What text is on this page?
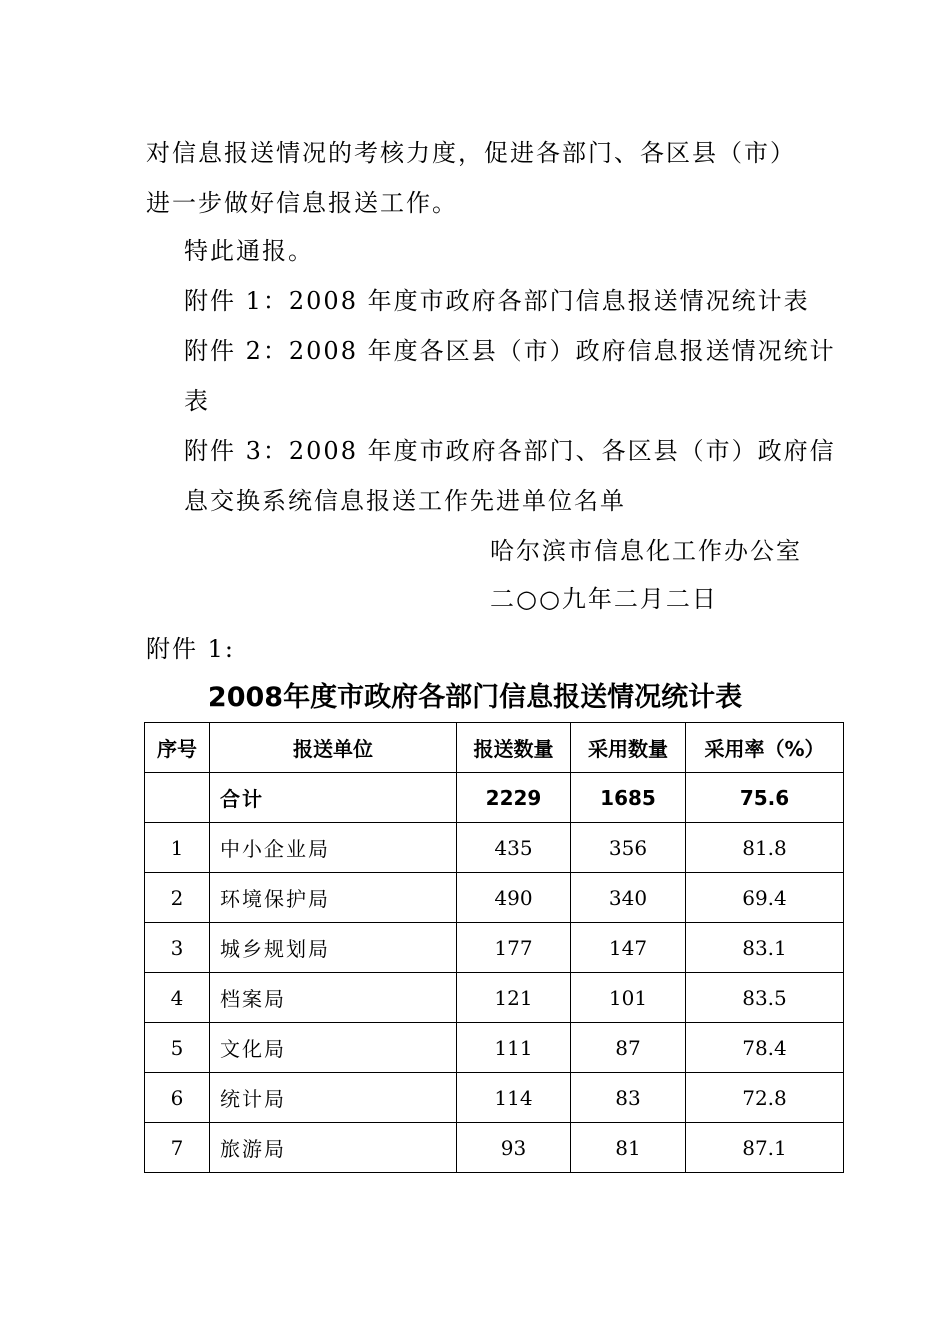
对信息报送情况的考核力度，促进各部门、各区县（市）
进一步做好信息报送工作。
特此通报。
附件 1：2008 年度市政府各部门信息报送情况统计表
附件 2：2008 年度各区县（市）政府信息报送情况统计
表
附件 3：2008 年度市政府各部门、各区县（市）政府信
息交换系统信息报送工作先进单位名单
哈尔滨市信息化工作办公室
二○○九年二月二日
附件 1:
2008年度市政府各部门信息报送情况统计表
序号	报送单位	报送数量	采用数量	采用率（%）
	合计	2229	1685	75.6
1	中小企业局	435	356	81.8
2	环境保护局	490	340	69.4
3	城乡规划局	177	147	83.1
4	档案局	121	101	83.5
5	文化局	111	87	78.4
6	统计局	114	83	72.8
7	旅游局	93	81	87.1
